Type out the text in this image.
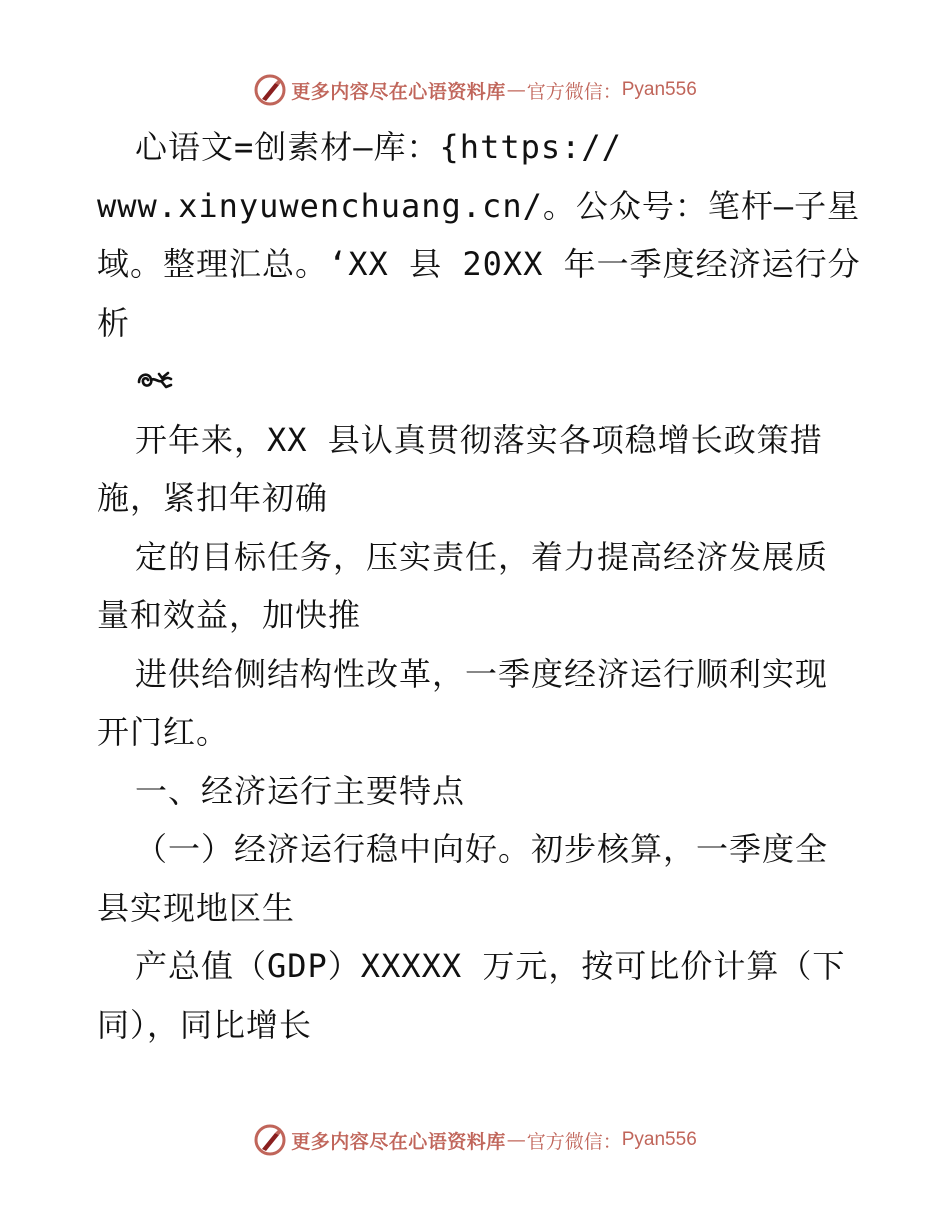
更多内容尽在心语资料库 — 官方微信： Pyan556

心语文=创素材—库：{https://

www.xinyuwenchuang.cn/。公众号：笔杆—子星

域。整理汇总。‘XX 县 20XX 年一季度经济运行分

析

开年来，XX 县认真贯彻落实各项稳增长政策措

施，紧扣年初确

定的目标任务，压实责任，着力提高经济发展质

量和效益，加快推

进供给侧结构性改革，一季度经济运行顺利实现

开门红。

一、经济运行主要特点

（一）经济运行稳中向好。初步核算，一季度全

县实现地区生

产总值（GDP）XXXXX 万元，按可比价计算（下

同），同比增长

更多内容尽在心语资料库 — 官方微信： Pyan556
